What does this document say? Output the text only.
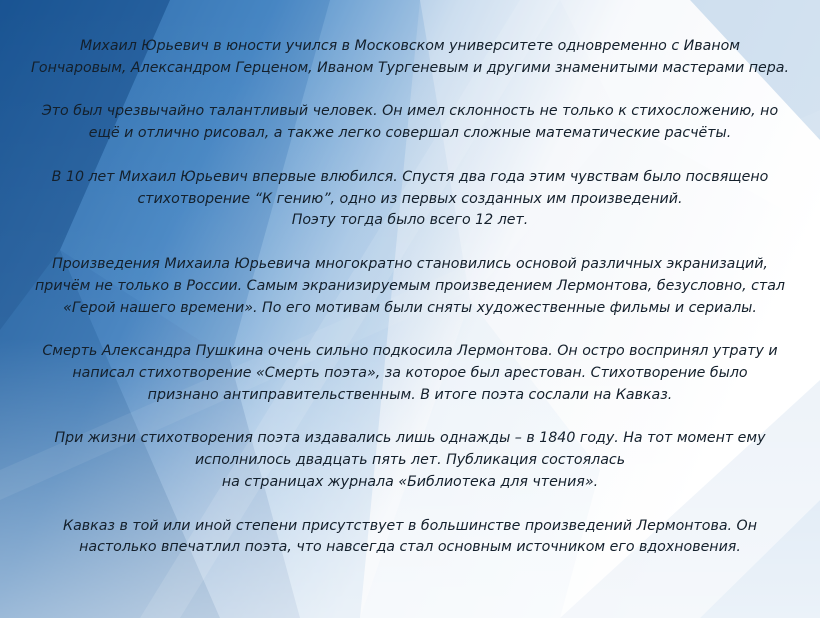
Михаил Юрьевич в юности учился в Московском университете одновременно с Иваном
Гончаровым, Александром Герценом, Иваном Тургеневым и другими знаменитыми мастерами пера.
Это был чрезвычайно талантливый человек. Он имел склонность не только к стихосложению, но
ещё и отлично рисовал, а также легко совершал сложные математические расчёты.
В 10 лет Михаил Юрьевич впервые влюбился. Спустя два года этим чувствам было посвящено
стихотворение “К гению”, одно из первых созданных им произведений.
Поэту тогда было всего 12 лет.
Произведения Михаила Юрьевича многократно становились основой различных экранизаций,
причём не только в России. Самым экранизируемым произведением Лермонтова, безусловно, стал
«Герой нашего времени». По его мотивам были сняты художественные фильмы и сериалы.
Смерть Александра Пушкина очень сильно подкосила Лермонтова. Он остро воспринял утрату и
написал стихотворение «Смерть поэта», за которое был арестован. Стихотворение было
признано антиправительственным. В итоге поэта сослали на Кавказ.
При жизни стихотворения поэта издавались лишь однажды – в 1840 году. На тот момент ему
исполнилось двадцать пять лет. Публикация состоялась
на страницах журнала «Библиотека для чтения».
Кавказ в той или иной степени присутствует в большинстве произведений Лермонтова. Он
настолько впечатлил поэта, что навсегда стал основным источником его вдохновения.
